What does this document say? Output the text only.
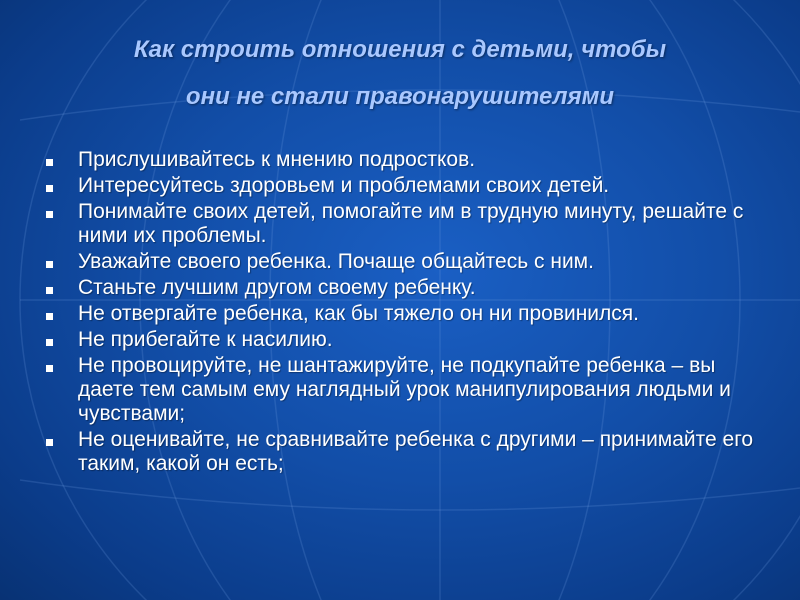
Как строить отношения с детьми, чтобы
они не стали правонарушителями
Прислушивайтесь к мнению подростков.
Интересуйтесь здоровьем и проблемами своих детей.
Понимайте своих детей, помогайте им в трудную минуту, решайте с ними их проблемы.
Уважайте своего ребенка. Почаще общайтесь с ним.
Станьте лучшим другом своему ребенку.
Не отвергайте ребенка, как бы тяжело он ни провинился.
Не прибегайте к насилию.
Не провоцируйте, не шантажируйте, не подкупайте ребенка – вы даете тем самым ему наглядный урок манипулирования людьми и чувствами;
Не оценивайте, не сравнивайте ребенка с другими – принимайте его таким, какой он есть;
